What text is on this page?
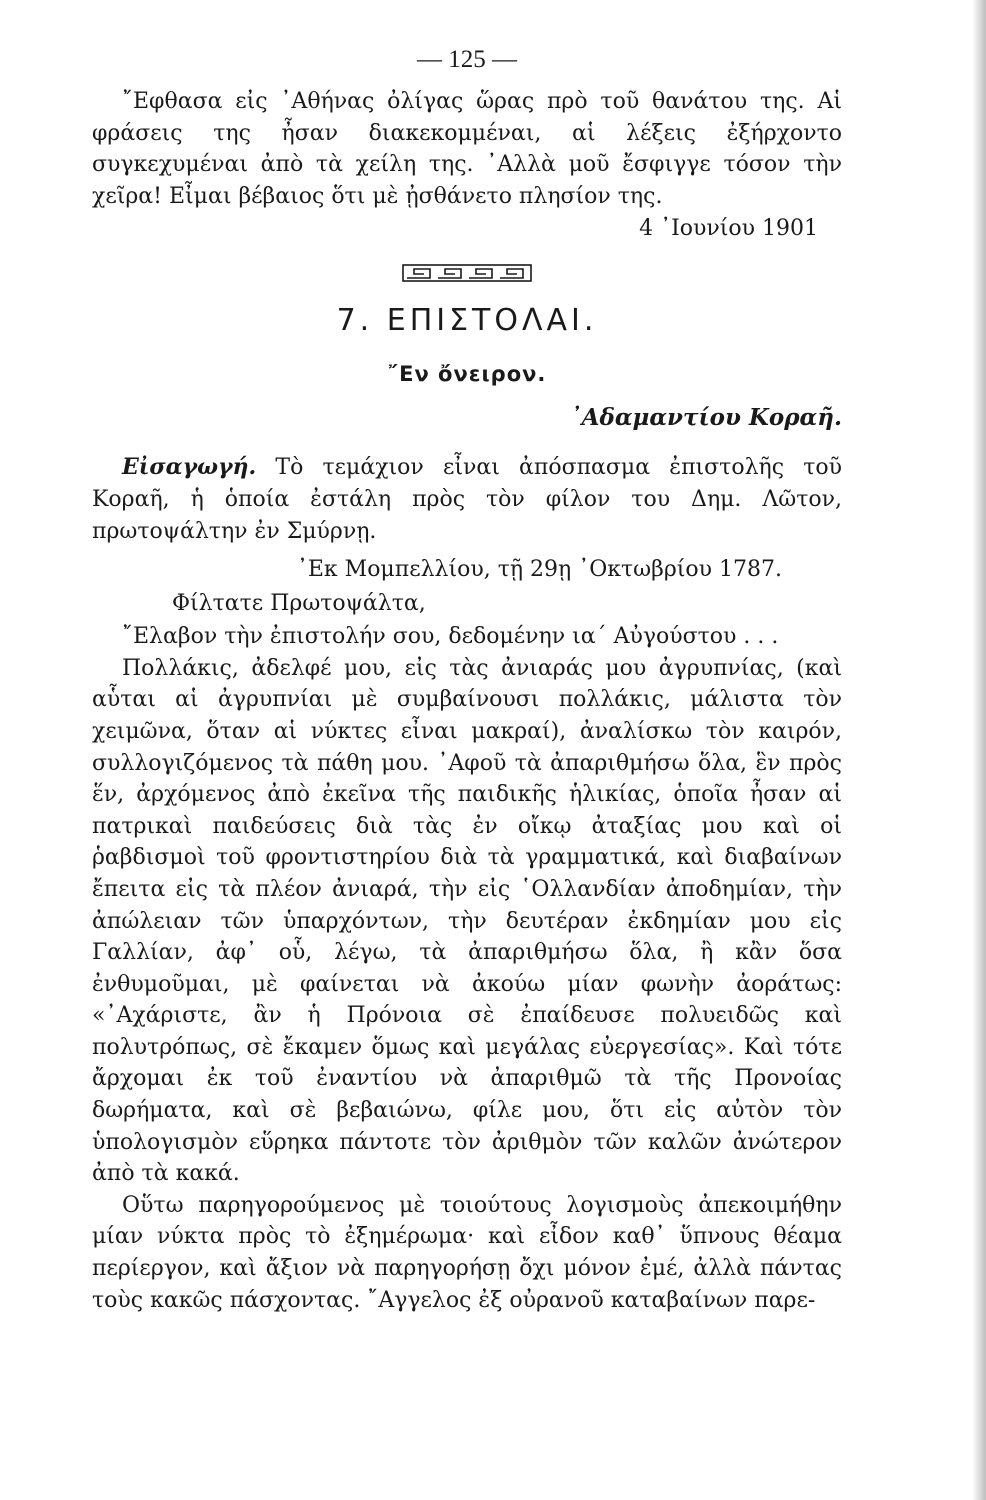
— 125 —

῎Εφθασα εἰς ᾽Αθήνας ὀλίγας ὥρας πρὸ τοῦ θανάτου της. Αἱ φράσεις της ἦσαν διακεκομμέναι, αἱ λέξεις ἐξήρχοντο συγκεχυμέναι ἀπὸ τὰ χείλη της. ᾽Αλλὰ μοῦ ἔσφιγγε τόσον τὴν χεῖρα! Εἶμαι βέβαιος ὅτι μὲ ᾐσθάνετο πλησίον της.

4 ᾽Ιουνίου 1901
7. ΕΠΙΣΤΟΛΑΙ.
῎Εν ὄνειρον.
᾽Αδαμαντίου Κοραῆ.

Εἰσαγωγή. Τὸ τεμάχιον εἶναι ἀπόσπασμα ἐπιστολῆς τοῦ Κοραῆ, ἡ ὁποία ἐστάλη πρὸς τὸν φίλον του Δημ. Λῶτον, πρωτοψάλτην ἐν Σμύρνῃ.

᾽Εκ Μομπελλίου, τῇ 29ῃ ᾽Οκτωβρίου 1787.
Φίλτατε Πρωτοψάλτα,

῎Ελαβον τὴν ἐπιστολήν σου, δεδομένην ια΄ Αὐγούστου . . .

Πολλάκις, ἀδελφέ μου, εἰς τὰς ἀνιαράς μου ἀγρυπνίας, (καὶ αὗται αἱ ἀγρυπνίαι μὲ συμβαίνουσι πολλάκις, μάλιστα τὸν χειμῶνα, ὅταν αἱ νύκτες εἶναι μακραί), ἀναλίσκω τὸν καιρόν, συλλογιζόμενος τὰ πάθη μου. ᾽Αφοῦ τὰ ἀπαριθμήσω ὅλα, ἓν πρὸς ἕν, ἀρχόμενος ἀπὸ ἐκεῖνα τῆς παιδικῆς ἡλικίας, ὁποῖα ἦσαν αἱ πατρικαὶ παιδεύσεις διὰ τὰς ἐν οἴκῳ ἀταξίας μου καὶ οἱ ῥαβδισμοὶ τοῦ φροντιστηρίου διὰ τὰ γραμματικά, καὶ διαβαίνων ἔπειτα εἰς τὰ πλέον ἀνιαρά, τὴν εἰς ῾Ολλανδίαν ἀποδημίαν, τὴν ἀπώλειαν τῶν ὑπαρχόντων, τὴν δευτέραν ἐκδημίαν μου εἰς Γαλλίαν, ἀφ᾽ οὗ, λέγω, τὰ ἀπαριθμήσω ὅλα, ἢ κἂν ὅσα ἐνθυμοῦμαι, μὲ φαίνεται νὰ ἀκούω μίαν φωνὴν ἀοράτως: «᾽Αχάριστε, ἂν ἡ Πρόνοια σὲ ἐπαίδευσε πολυειδῶς καὶ πολυτρόπως, σὲ ἔκαμεν ὅμως καὶ μεγάλας εὐεργεσίας». Καὶ τότε ἄρχομαι ἐκ τοῦ ἐναντίου νὰ ἀπαριθμῶ τὰ τῆς Προνοίας δωρήματα, καὶ σὲ βεβαιώνω, φίλε μου, ὅτι εἰς αὐτὸν τὸν ὑπολογισμὸν εὕρηκα πάντοτε τὸν ἀριθμὸν τῶν καλῶν ἀνώτερον ἀπὸ τὰ κακά.

Οὕτω παρηγορούμενος μὲ τοιούτους λογισμοὺς ἀπεκοιμήθην μίαν νύκτα πρὸς τὸ ἐξημέρωμα· καὶ εἶδον καθ᾽ ὕπνους θέαμα περίεργον, καὶ ἄξιον νὰ παρηγορήσῃ ὄχι μόνον ἐμέ, ἀλλὰ πάντας τοὺς κακῶς πάσχοντας. ῎Αγγελος ἐξ οὐρανοῦ καταβαίνων παρε-
